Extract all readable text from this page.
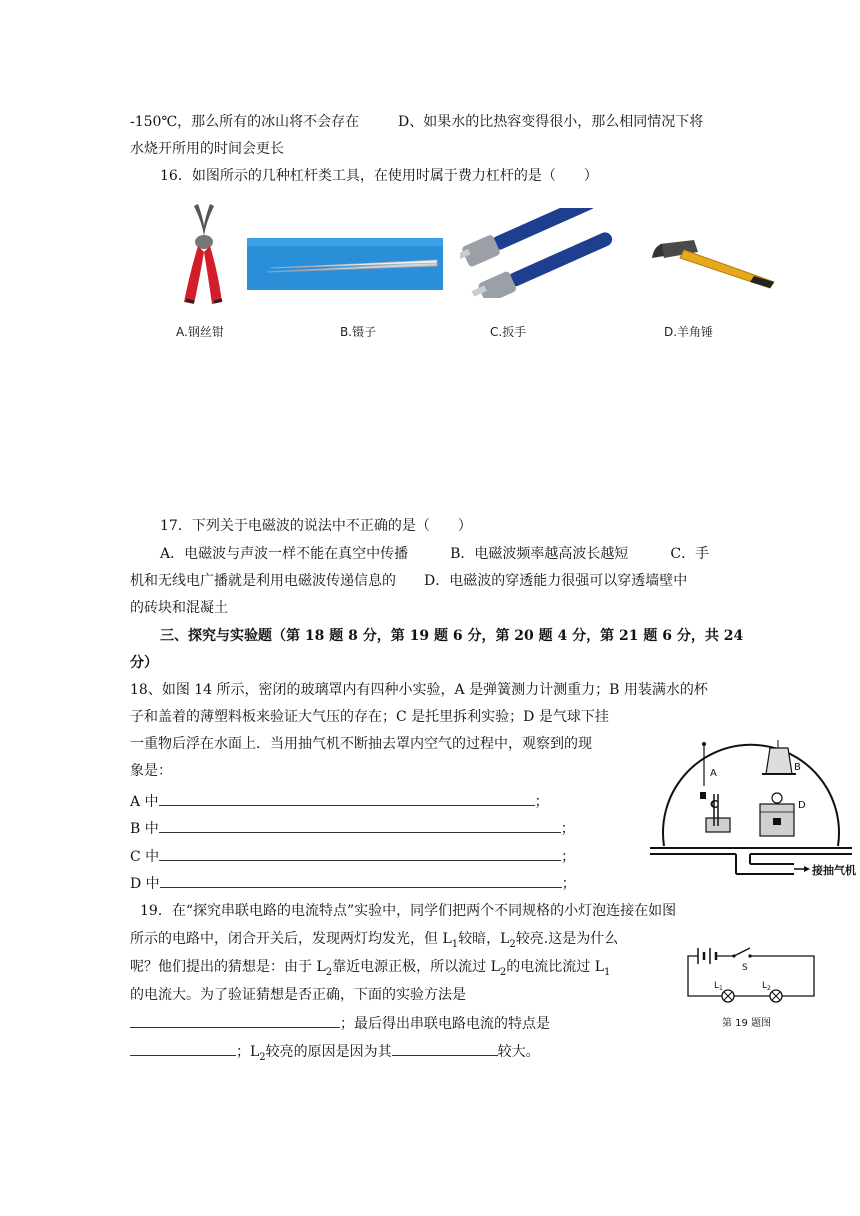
-150℃，那么所有的冰山将不会存在	D、如果水的比热容变得很小，那么相同情况下将
水烧开所用的时间会更长
16．如图所示的几种杠杆类工具，在使用时属于费力杠杆的是（　　）
A.钢丝钳	B.镊子	C.扳手	D.羊角锤
17．下列关于电磁波的说法中不正确的是（　　）
A．电磁波与声波一样不能在真空中传播　　　B．电磁波频率越高波长越短　　　C．手
机和无线电广播就是利用电磁波传递信息的　　D．电磁波的穿透能力很强可以穿透墙壁中
的砖块和混凝土
三、探究与实验题（第 18 题 8 分，第 19 题 6 分，第 20 题 4 分，第 21 题 6 分，共 24
分）
18、如图 14 所示，密闭的玻璃罩内有四种小实验，A 是弹簧测力计测重力；B 用装满水的杯
子和盖着的薄塑料板来验证大气压的存在；C 是托里拆利实验；D 是气球下挂
一重物后浮在水面上．当用抽气机不断抽去罩内空气的过程中，观察到的现
象是：
A 中	；
B 中	；
C 中	；
D 中	；
A
B
C	D
接抽气机
19．在“探究串联电路的电流特点”实验中，同学们把两个不同规格的小灯泡连接在如图
所示的电路中，闭合开关后，发现两灯均发光，但 $L_1$较暗，$L_2$较亮.这是为什么
呢？他们提出的猜想是：由于 $L_2$靠近电源正极，所以流过 $L_2$的电流比流过 $L_1$
的电流大。为了验证猜想是否正确，下面的实验方法是
；最后得出串联电路电流的特点是
；$L_2$较亮的原因是因为其	较大。
S
$L_1$	$L_2$
第 19 题图
